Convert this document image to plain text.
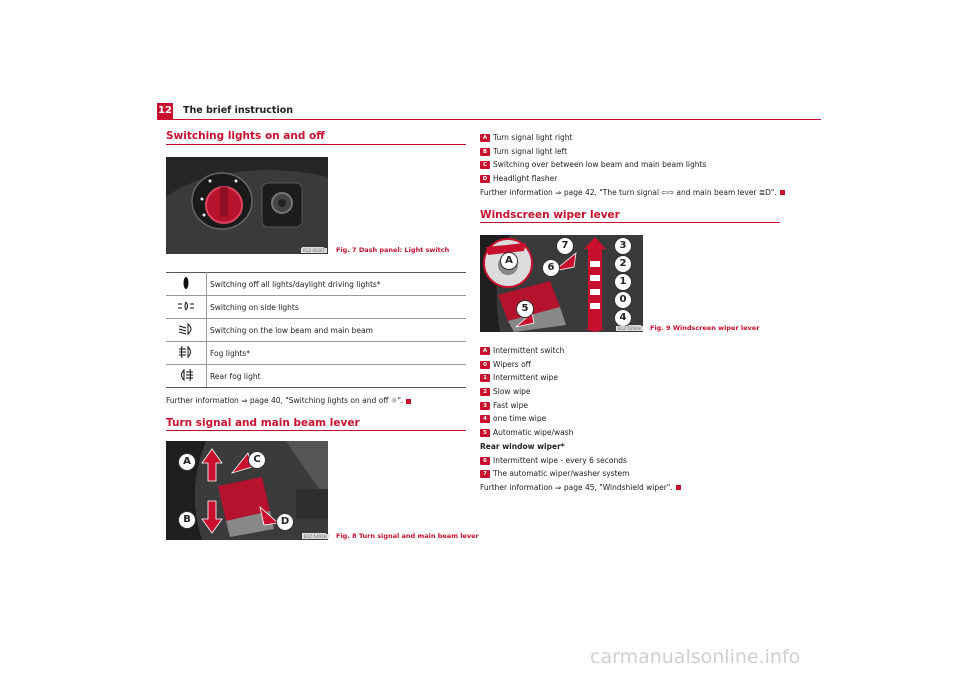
12 The brief instruction
Switching lights on and off
B1Z-0026F	Fig. 7 Dash panel: Light switch
	Switching off all lights/daylight driving lights*
	Switching on side lights
	Switching on the low beam and main beam
	Fog lights*
	Rear fog light
Further information ⇒ page 40, "Switching lights on and off ☼".
Turn signal and main beam lever
A
B
C
D
B1Z-5402H	Fig. 8 Turn signal and main beam lever
A Turn signal light right
B Turn signal light left
C Switching over between low beam and main beam lights
D Headlight flasher
Further information ⇒ page 42, "The turn signal ⇦⇨ and main beam lever ≣D".
Windscreen wiper lever
A
7
6
5
3
2
1
0
4
B1Z-5292H	Fig. 9 Windscreen wiper lever
A Intermittent switch
0 Wipers off
1 Intermittent wipe
2 Slow wipe
3 Fast wipe
4 one time wipe
5 Automatic wipe/wash
Rear window wiper*
6 Intermittent wipe - every 6 seconds
7 The automatic wiper/washer system
Further information ⇒ page 45, "Windshield wiper".
carmanualsonline.info
